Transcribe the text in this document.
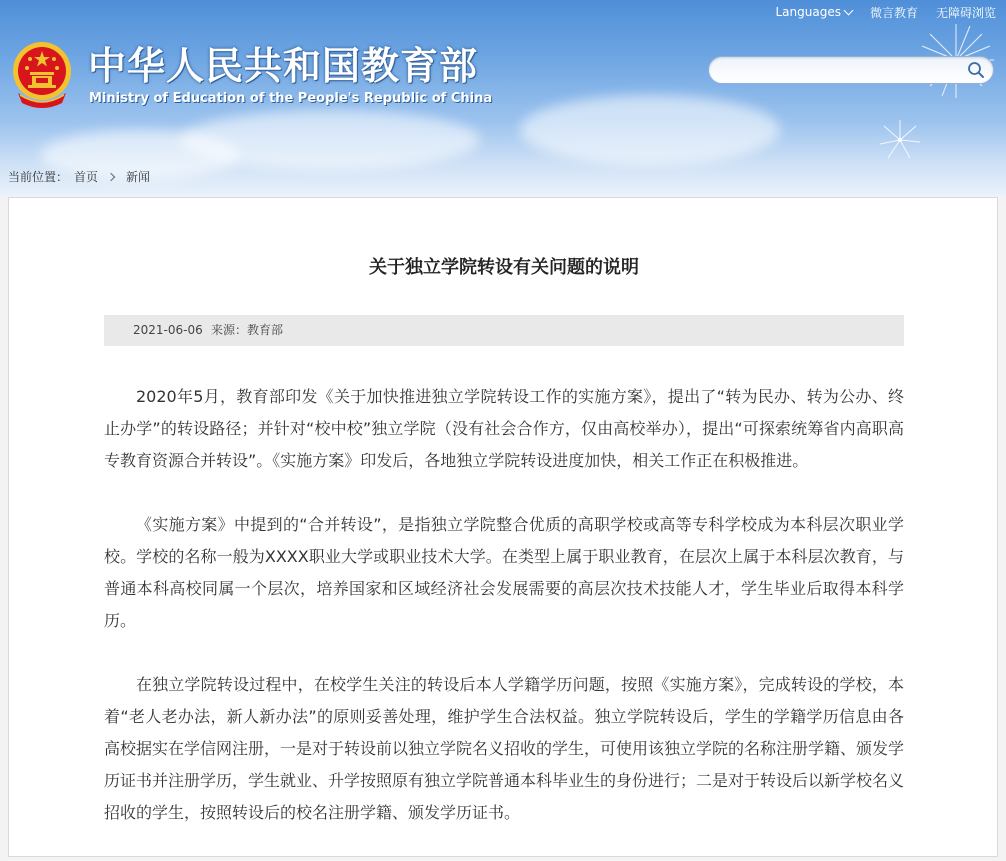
Languages 微言教育 无障碍浏览
中华人民共和国教育部
Ministry of Education of the People's Republic of China
当前位置： 首页 新闻
关于独立学院转设有关问题的说明
2021-06-06 来源：教育部

2020年5月，教育部印发《关于加快推进独立学院转设工作的实施方案》，提出了“转为民办、转为公办、终止办学”的转设路径；并针对“校中校”独立学院（没有社会合作方，仅由高校举办），提出“可探索统筹省内高职高专教育资源合并转设”。《实施方案》印发后，各地独立学院转设进度加快，相关工作正在积极推进。

《实施方案》中提到的“合并转设”，是指独立学院整合优质的高职学校或高等专科学校成为本科层次职业学校。学校的名称一般为XXXX职业大学或职业技术大学。在类型上属于职业教育，在层次上属于本科层次教育，与普通本科高校同属一个层次，培养国家和区域经济社会发展需要的高层次技术技能人才，学生毕业后取得本科学历。

在独立学院转设过程中，在校学生关注的转设后本人学籍学历问题，按照《实施方案》，完成转设的学校，本着“老人老办法，新人新办法”的原则妥善处理，维护学生合法权益。独立学院转设后，学生的学籍学历信息由各高校据实在学信网注册，一是对于转设前以独立学院名义招收的学生，可使用该独立学院的名称注册学籍、颁发学历证书并注册学历，学生就业、升学按照原有独立学院普通本科毕业生的身份进行；二是对于转设后以新学校名义招收的学生，按照转设后的校名注册学籍、颁发学历证书。
